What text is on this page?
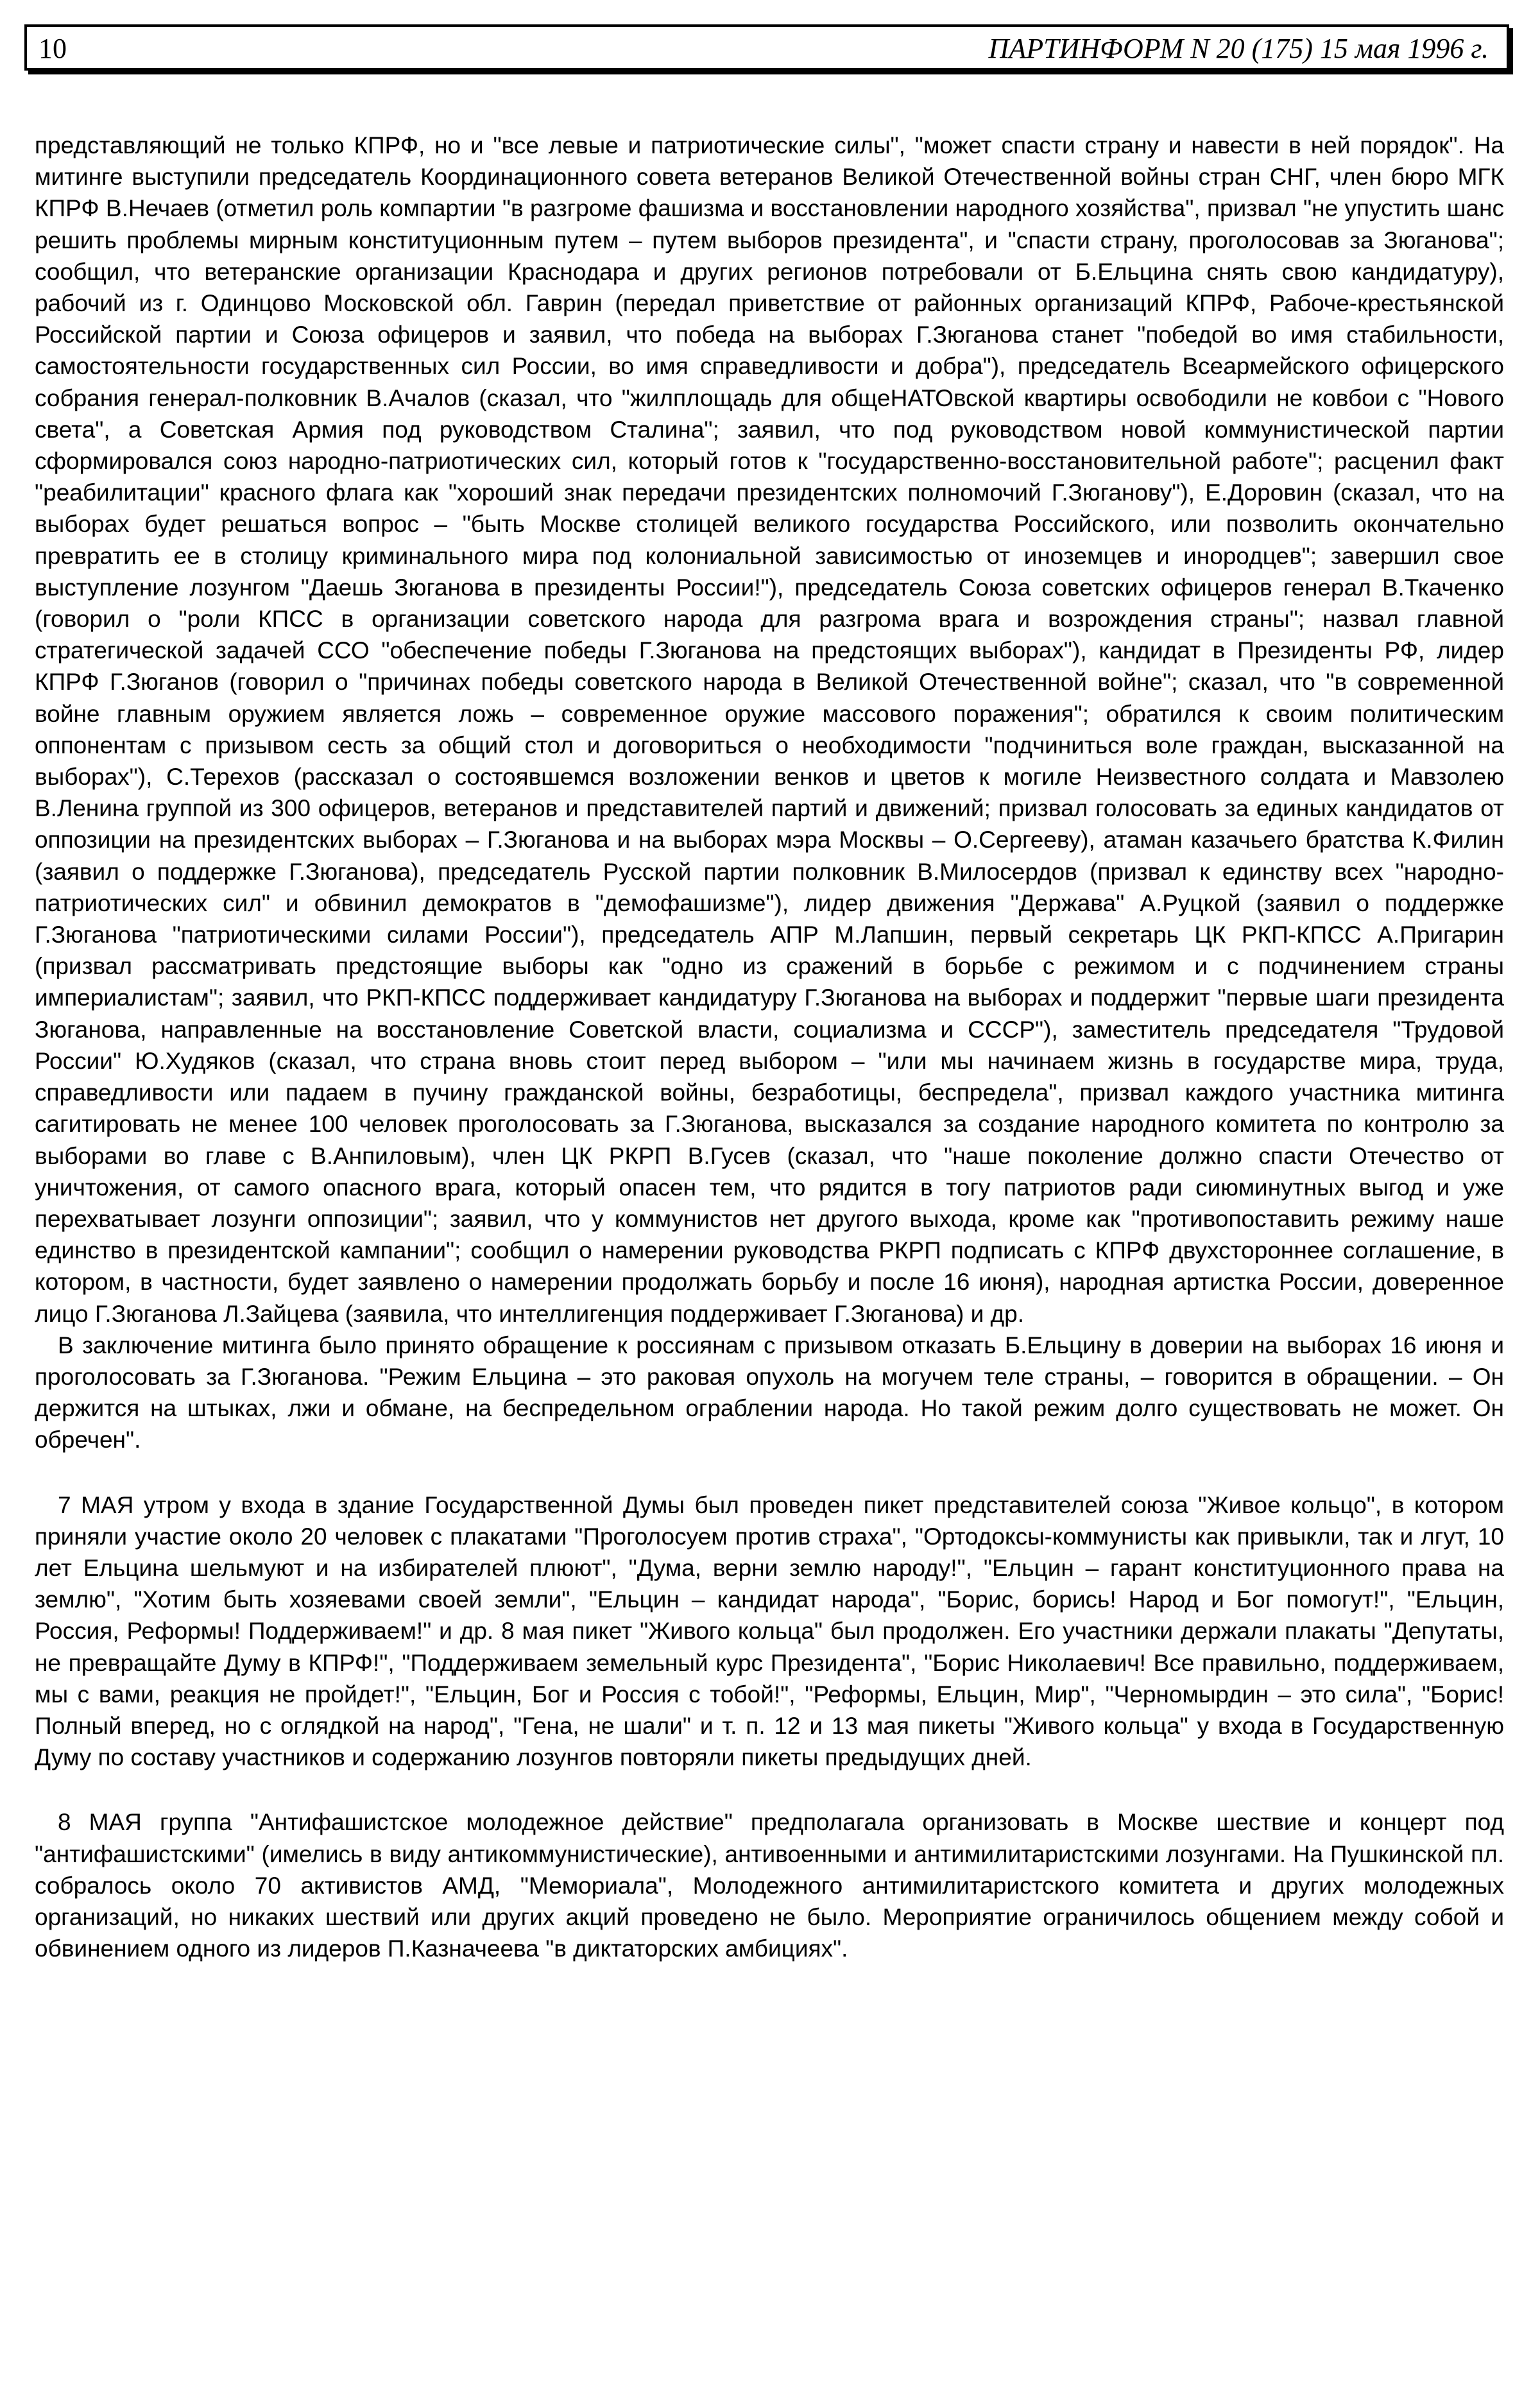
10	ПАРТИНФОРМ N 20 (175) 15 мая 1996 г.

представляющий не только КПРФ, но и "все левые и патриотические силы", "может спасти страну и навести в ней порядок". На митинге выступили председатель Координационного совета ветеранов Великой Отечественной войны стран СНГ, член бюро МГК КПРФ В.Нечаев (отметил роль компартии "в разгроме фашизма и восстановлении народного хозяйства", призвал "не упустить шанс решить проблемы мирным конституционным путем – путем выборов президента", и "спасти страну, проголосовав за Зюганова"; сообщил, что ветеранские организации Краснодара и других регионов потребовали от Б.Ельцина снять свою кандидатуру), рабочий из г. Одинцово Московской обл. Гаврин (передал приветствие от районных организаций КПРФ, Рабоче-крестьянской Российской партии и Союза офицеров и заявил, что победа на выборах Г.Зюганова станет "победой во имя стабильности, самостоятельности государственных сил России, во имя справедливости и добра"), председатель Всеармейского офицерского собрания генерал-полковник В.Ачалов (сказал, что "жилплощадь для общеНАТОвской квартиры освободили не ковбои с "Нового света", а Советская Армия под руководством Сталина"; заявил, что под руководством новой коммунистической партии сформировался союз народно-патриотических сил, который готов к "государственно-восстановительной работе"; расценил факт "реабилитации" красного флага как "хороший знак передачи президентских полномочий Г.Зюганову"), Е.Доровин (сказал, что на выборах будет решаться вопрос – "быть Москве столицей великого государства Российского, или позволить окончательно превратить ее в столицу криминального мира под колониальной зависимостью от иноземцев и инородцев"; завершил свое выступление лозунгом "Даешь Зюганова в президенты России!"), председатель Союза советских офицеров генерал В.Ткаченко (говорил о "роли КПСС в организации советского народа для разгрома врага и возрождения страны"; назвал главной стратегической задачей ССО "обеспечение победы Г.Зюганова на предстоящих выборах"), кандидат в Президенты РФ, лидер КПРФ Г.Зюганов (говорил о "причинах победы советского народа в Великой Отечественной войне"; сказал, что "в современной войне главным оружием является ложь – современное оружие массового поражения"; обратился к своим политическим оппонентам с призывом сесть за общий стол и договориться о необходимости "подчиниться воле граждан, высказанной на выборах"), С.Терехов (рассказал о состоявшемся возложении венков и цветов к могиле Неизвестного солдата и Мавзолею В.Ленина группой из 300 офицеров, ветеранов и представителей партий и движений; призвал голосовать за единых кандидатов от оппозиции на президентских выборах – Г.Зюганова и на выборах мэра Москвы – О.Сергееву), атаман казачьего братства К.Филин (заявил о поддержке Г.Зюганова), председатель Русской партии полковник В.Милосердов (призвал к единству всех "народно-патриотических сил" и обвинил демократов в "демофашизме"), лидер движения "Держава" А.Руцкой (заявил о поддержке Г.Зюганова "патриотическими силами России"), председатель АПР М.Лапшин, первый секретарь ЦК РКП-КПСС А.Пригарин (призвал рассматривать предстоящие выборы как "одно из сражений в борьбе с режимом и с подчинением страны империалистам"; заявил, что РКП-КПСС поддерживает кандидатуру Г.Зюганова на выборах и поддержит "первые шаги президента Зюганова, направленные на восстановление Советской власти, социализма и СССР"), заместитель председателя "Трудовой России" Ю.Худяков (сказал, что страна вновь стоит перед выбором – "или мы начинаем жизнь в государстве мира, труда, справедливости или падаем в пучину гражданской войны, безработицы, беспредела", призвал каждого участника митинга сагитировать не менее 100 человек проголосовать за Г.Зюганова, высказался за создание народного комитета по контролю за выборами во главе с В.Анпиловым), член ЦК РКРП В.Гусев (сказал, что "наше поколение должно спасти Отечество от уничтожения, от самого опасного врага, который опасен тем, что рядится в тогу патриотов ради сиюминутных выгод и уже перехватывает лозунги оппозиции"; заявил, что у коммунистов нет другого выхода, кроме как "противопоставить режиму наше единство в президентской кампании"; сообщил о намерении руководства РКРП подписать с КПРФ двухстороннее соглашение, в котором, в частности, будет заявлено о намерении продолжать борьбу и после 16 июня), народная артистка России, доверенное лицо Г.Зюганова Л.Зайцева (заявила, что интеллигенция поддерживает Г.Зюганова) и др.

В заключение митинга было принято обращение к россиянам с призывом отказать Б.Ельцину в доверии на выборах 16 июня и проголосовать за Г.Зюганова. "Режим Ельцина – это раковая опухоль на могучем теле страны, – говорится в обращении. – Он держится на штыках, лжи и обмане, на беспредельном ограблении народа. Но такой режим долго существовать не может. Он обречен".

7 МАЯ утром у входа в здание Государственной Думы был проведен пикет представителей союза "Живое кольцо", в котором приняли участие около 20 человек с плакатами "Проголосуем против страха", "Ортодоксы-коммунисты как привыкли, так и лгут, 10 лет Ельцина шельмуют и на избирателей плюют", "Дума, верни землю народу!", "Ельцин – гарант конституционного права на землю", "Хотим быть хозяевами своей земли", "Ельцин – кандидат народа", "Борис, борись! Народ и Бог помогут!", "Ельцин, Россия, Реформы! Поддерживаем!" и др. 8 мая пикет "Живого кольца" был продолжен. Его участники держали плакаты "Депутаты, не превращайте Думу в КПРФ!", "Поддерживаем земельный курс Президента", "Борис Николаевич! Все правильно, поддерживаем, мы с вами, реакция не пройдет!", "Ельцин, Бог и Россия с тобой!", "Реформы, Ельцин, Мир", "Черномырдин – это сила", "Борис! Полный вперед, но с оглядкой на народ", "Гена, не шали" и т. п. 12 и 13 мая пикеты "Живого кольца" у входа в Государственную Думу по составу участников и содержанию лозунгов повторяли пикеты предыдущих дней.

8 МАЯ группа "Антифашистское молодежное действие" предполагала организовать в Москве шествие и концерт под "антифашистскими" (имелись в виду антикоммунистические), антивоенными и антимилитаристскими лозунгами. На Пушкинской пл. собралось около 70 активистов АМД, "Мемориала", Молодежного антимилитаристского комитета и других молодежных организаций, но никаких шествий или других акций проведено не было. Мероприятие ограничилось общением между собой и обвинением одного из лидеров П.Казначеева "в диктаторских амбициях".
